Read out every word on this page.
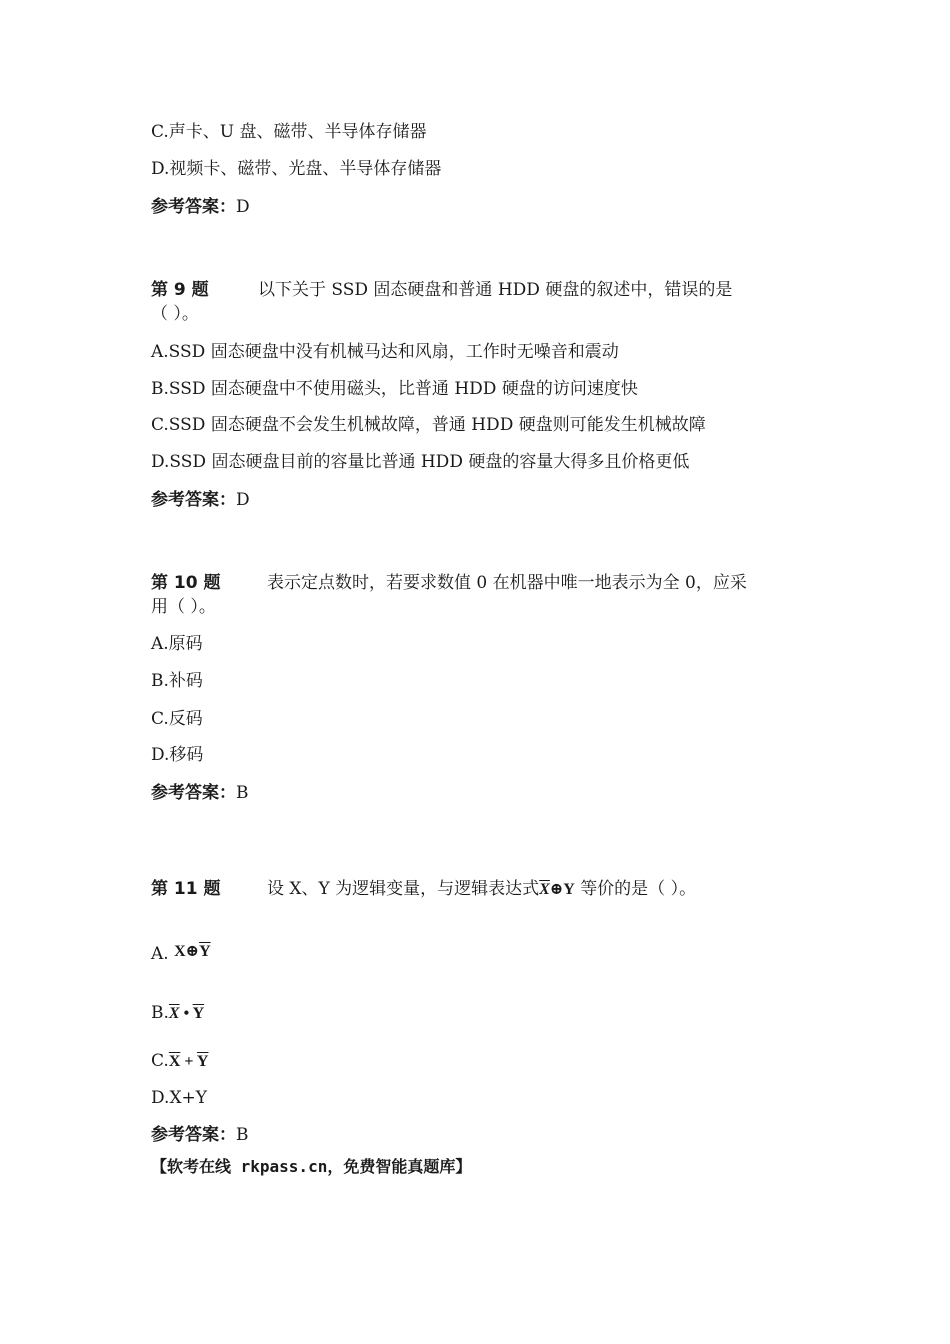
C.声卡、U 盘、磁带、半导体存储器
D.视频卡、磁带、光盘、半导体存储器
参考答案：D
第 9 题	以下关于 SSD 固态硬盘和普通 HDD 硬盘的叙述中，错误的是
（ ）。
A.SSD 固态硬盘中没有机械马达和风扇，工作时无噪音和震动
B.SSD 固态硬盘中不使用磁头，比普通 HDD 硬盘的访问速度快
C.SSD 固态硬盘不会发生机械故障，普通 HDD 硬盘则可能发生机械故障
D.SSD 固态硬盘目前的容量比普通 HDD 硬盘的容量大得多且价格更低
参考答案：D
第 10 题	表示定点数时，若要求数值 0 在机器中唯一地表示为全 0，应采
用（ ）。
A.原码
B.补码
C.反码
D.移码
参考答案：B
第 11 题	设 X、Y 为逻辑变量，与逻辑表达式$\overline{X}\oplus Y$ 等价的是（ ）。
A. $X\oplus\overline{Y}$
$B.\overline{X}$ • $\overline{Y}$
$C.\overline{X} + \overline{Y}$
D.X+Y
参考答案：B
【软考在线 rkpass.cn，免费智能真题库】
